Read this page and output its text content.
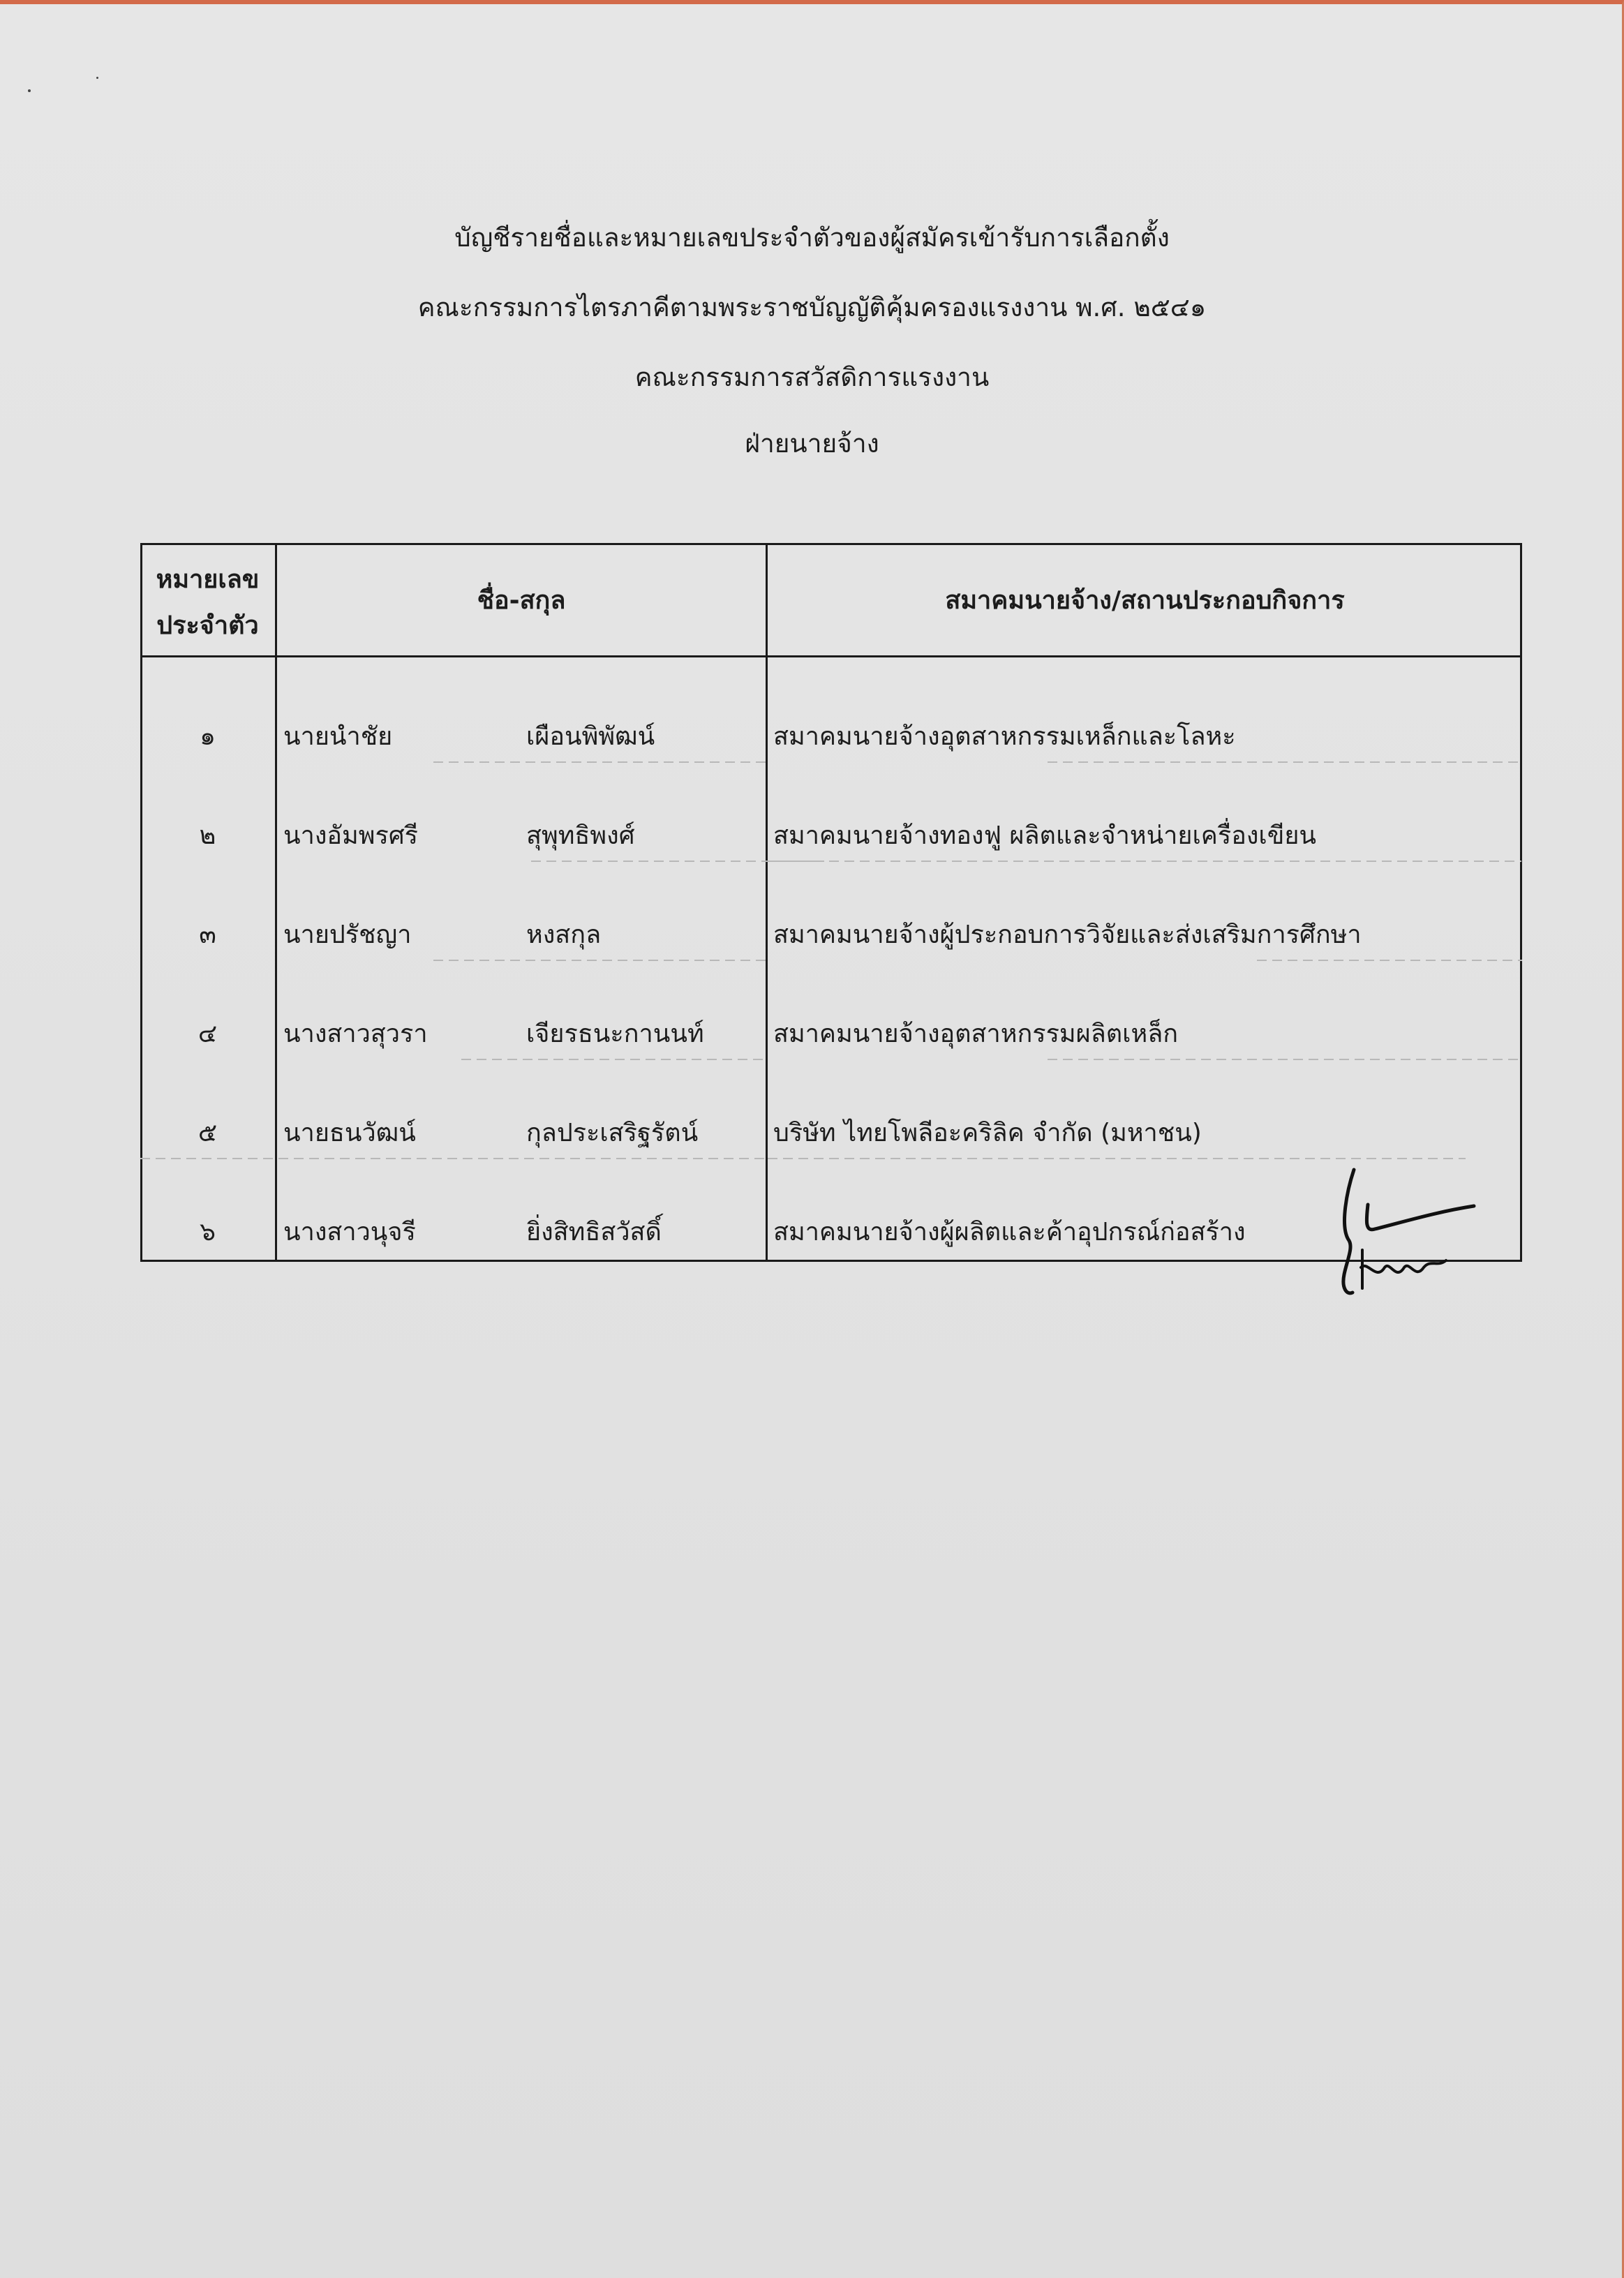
บัญชีรายชื่อและหมายเลขประจำตัวของผู้สมัครเข้ารับการเลือกตั้ง
คณะกรรมการไตรภาคีตามพระราชบัญญัติคุ้มครองแรงงาน พ.ศ. ๒๕๔๑
คณะกรรมการสวัสดิการแรงงาน
ฝ่ายนายจ้าง
หมายเลข
ประจำตัว
ชื่อ-สกุล	สมาคมนายจ้าง/สถานประกอบกิจการ
๑	นายนำชัย	เผือนพิพัฒน์	สมาคมนายจ้างอุตสาหกรรมเหล็กและโลหะ
๒	นางอัมพรศรี	สุพุทธิพงศ์	สมาคมนายจ้างทองฟู ผลิตและจำหน่ายเครื่องเขียน
๓	นายปรัชญา	หงสกุล	สมาคมนายจ้างผู้ประกอบการวิจัยและส่งเสริมการศึกษา
๔	นางสาวสุวรา	เจียรธนะกานนท์	สมาคมนายจ้างอุตสาหกรรมผลิตเหล็ก
๕	นายธนวัฒน์	กุลประเสริฐรัตน์	บริษัท ไทยโพลีอะคริลิค จำกัด (มหาชน)
๖	นางสาวนุจรี	ยิ่งสิทธิสวัสดิ์	สมาคมนายจ้างผู้ผลิตและค้าอุปกรณ์ก่อสร้าง
